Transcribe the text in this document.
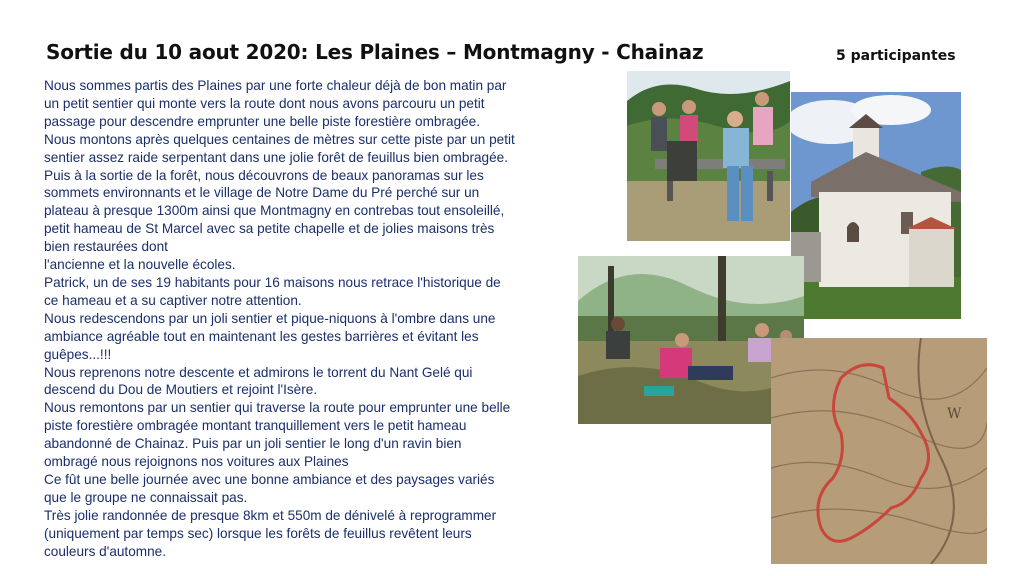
Sortie du 10 aout 2020: Les Plaines – Montmagny - Chainaz	5 participantes

Nous sommes partis des Plaines par une forte chaleur déjà de bon matin par

un petit sentier qui monte vers la route dont nous avons parcouru un petit

passage pour descendre emprunter une belle piste forestière ombragée.

Nous montons après quelques centaines de mètres sur cette piste par un petit

sentier assez raide serpentant dans une jolie forêt de feuillus bien ombragée.

Puis à la sortie de la forêt, nous découvrons de beaux panoramas sur les

sommets environnants et le village de Notre Dame du Pré perché sur un

plateau à presque 1300m ainsi que Montmagny en contrebas tout ensoleillé,

petit hameau de St Marcel avec sa petite chapelle et de jolies maisons très

bien restaurées dont

l'ancienne et la nouvelle écoles.

Patrick, un de ses 19 habitants pour 16 maisons nous retrace l'historique de

ce hameau et a su captiver notre attention.

Nous redescendons par un joli sentier et pique-niquons à l'ombre dans une

ambiance agréable tout en maintenant les gestes barrières et évitant les

guêpes...!!!

Nous reprenons notre descente et admirons le torrent du Nant Gelé qui

descend du Dou de Moutiers et rejoint l'Isère.

Nous remontons par un sentier qui traverse la route pour emprunter une belle

piste forestière ombragée montant tranquillement vers le petit hameau

abandonné de Chainaz. Puis par un joli sentier le long d'un ravin bien

ombragé nous rejoignons nos voitures aux Plaines

Ce fût une belle journée avec une bonne ambiance et des paysages variés

que le groupe ne connaissait pas.

Très jolie randonnée de presque 8km et 550m de dénivelé à reprogrammer

(uniquement par temps sec) lorsque les forêts de feuillus revêtent leurs

couleurs d'automne.

W
